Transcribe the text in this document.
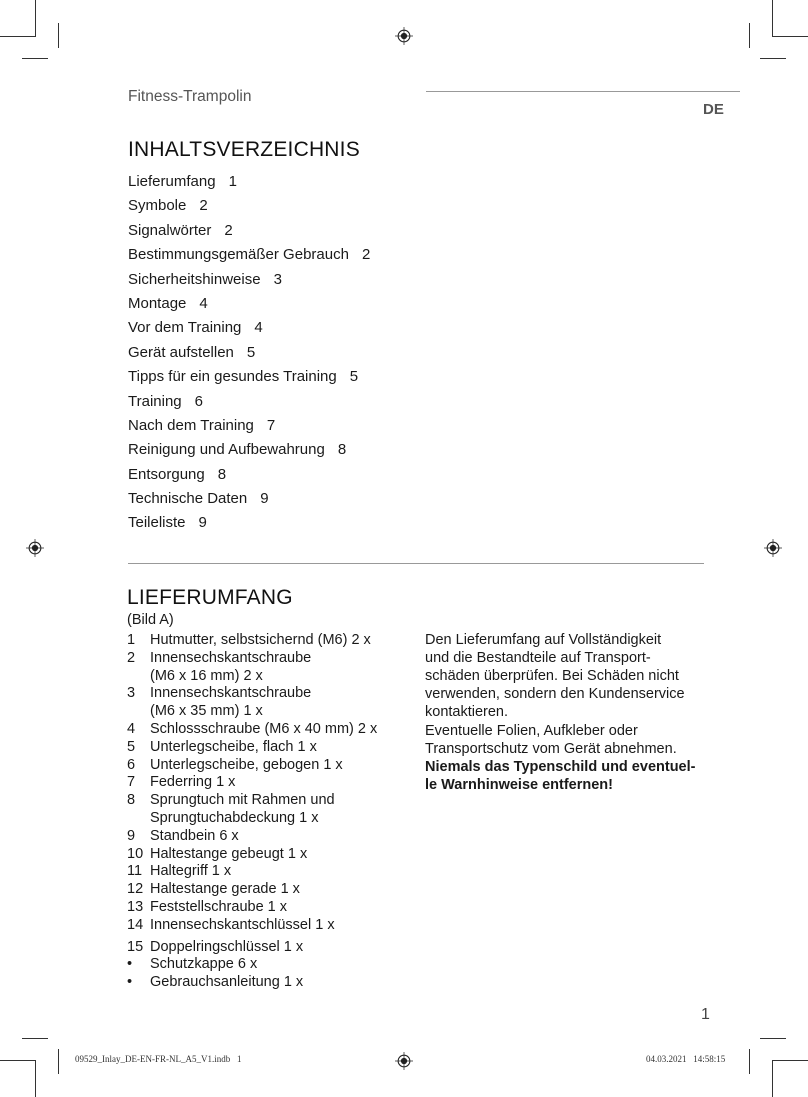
Fitness-Trampolin
DE
INHALTSVERZEICHNIS
Lieferumfang 1
Symbole 2
Signalwörter 2
Bestimmungsgemäßer Gebrauch 2
Sicherheitshinweise 3
Montage 4
Vor dem Training 4
Gerät aufstellen 5
Tipps für ein gesundes Training 5
Training 6
Nach dem Training 7
Reinigung und Aufbewahrung 8
Entsorgung 8
Technische Daten 9
Teileliste 9
LIEFERUMFANG
(Bild A)
1 Hutmutter, selbstsichernd (M6) 2 x
2 Innensechskantschraube
(M6 x 16 mm) 2 x
3 Innensechskantschraube
(M6 x 35 mm) 1 x
4 Schlossschraube (M6 x 40 mm) 2 x
5 Unterlegscheibe, flach 1 x
6 Unterlegscheibe, gebogen 1 x
7 Federring 1 x
8 Sprungtuch mit Rahmen und
Sprungtuchabdeckung 1 x
9 Standbein 6 x
10 Haltestange gebeugt 1 x
11 Haltegriff 1 x
12 Haltestange gerade 1 x
13 Feststellschraube 1 x
14 Innensechskantschlüssel 1 x
15 Doppelringschlüssel 1 x
• Schutzkappe 6 x
• Gebrauchsanleitung 1 x

Den Lieferumfang auf Vollständigkeit
und die Bestandteile auf Transport-
schäden überprüfen. Bei Schäden nicht
verwenden, sondern den Kundenservice
kontaktieren.

Eventuelle Folien, Aufkleber oder
Transportschutz vom Gerät abnehmen.

Niemals das Typenschild und eventuel-
le Warnhinweise entfernen!

1
09529_Inlay_DE-EN-FR-NL_A5_V1.indb   1	04.03.2021   14:58:15
